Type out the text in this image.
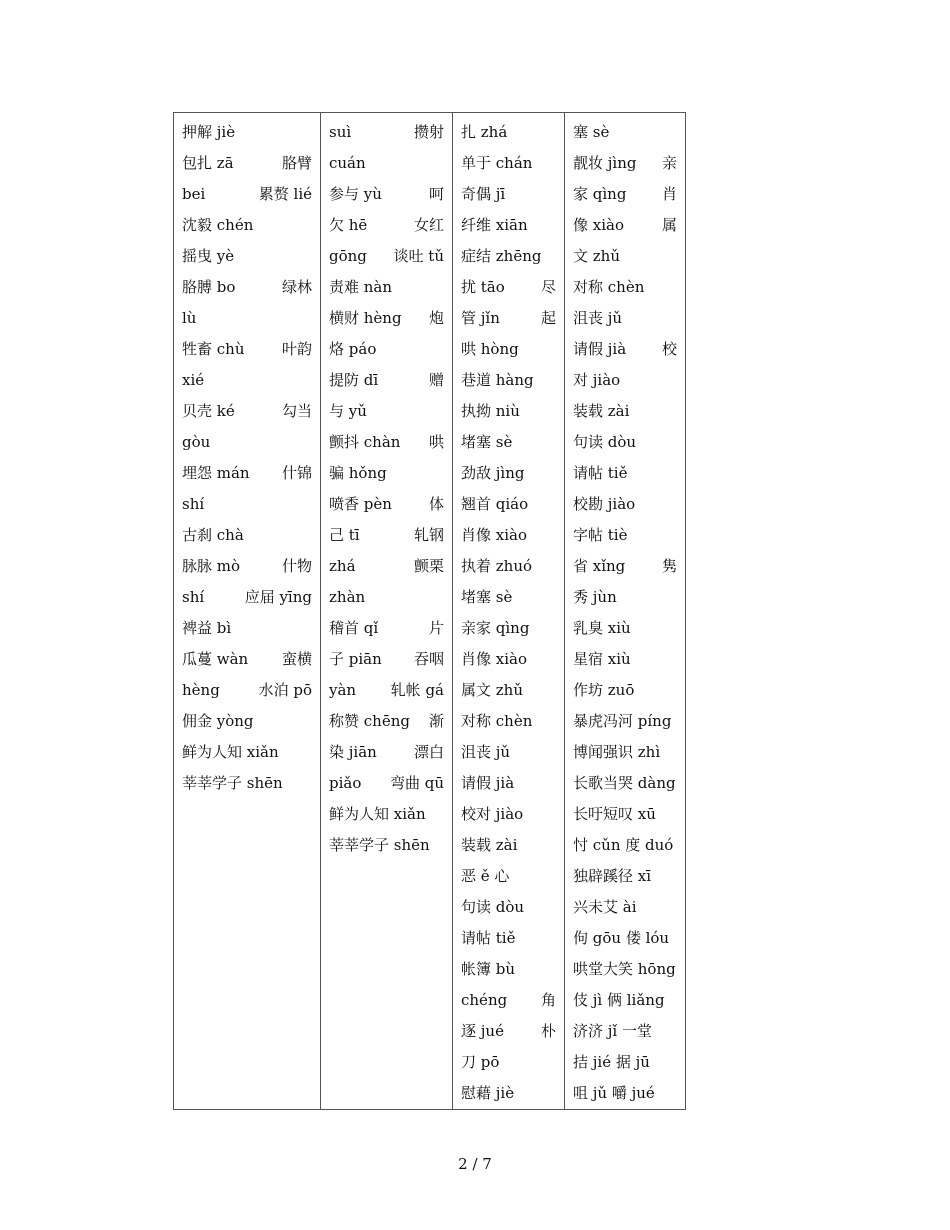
押解 jiè
包扎 zā	胳臂
bei	累赘 lié
沈毅 chén
摇曳 yè
胳膊 bo	绿林
lù
牲畜 chù 叶韵
xié
贝壳 ké	勾当
gòu
埋怨 mán 什锦
shí
古刹 chà
脉脉 mò	什物
shí	应届 yīng
裨益 bì
瓜蔓 wàn 蛮横
hèng	水泊 pō
佣金 yòng
鲜为人知 xiǎn
莘莘学子 shēn

suì	攒射
cuán
参与 yù	呵
欠 hē	女红
gōng 谈吐 tǔ
责难 nàn
横财 hèng 炮
烙 páo
提防 dī	赠
与 yǔ
颤抖 chàn 哄
骗 hǒng
喷香 pèn 体
己 tī	轧钢
zhá	颤栗
zhàn
稽首 qǐ	片
子 piān 吞咽
yàn 轧帐 gá
称赞 chēng 渐
染 jiān 漂白
piǎo 弯曲 qū
鲜为人知 xiǎn
莘莘学子 shēn

扎 zhá
单于 chán
奇偶 jī
纤维 xiān
症结 zhēng
扰 tāo 尽
管 jǐn	起
哄 hòng
巷道 hàng
执拗 niù
堵塞 sè
劲敌 jìng
翘首 qiáo
肖像 xiào
执着 zhuó
堵塞 sè
亲家 qìng
肖像 xiào
属文 zhǔ
对称 chèn
沮丧 jǔ
请假 jià
校对 jiào
装载 zài
恶 ě 心
句读 dòu
请帖 tiě
帐簿 bù
chéng 角
逐 jué 朴
刀 pō
慰藉 jiè

塞 sè
靓妆 jìng 亲
家 qìng 肖
像 xiào	属
文 zhǔ
对称 chèn
沮丧 jǔ
请假 jià 校
对 jiào
装载 zài
句读 dòu
请帖 tiě
校勘 jiào
字帖 tiè
省 xǐng 隽
秀 jùn
乳臭 xiù
星宿 xiù
作坊 zuō
暴虎冯河 píng
博闻强识 zhì
长歌当哭 dàng
长吁短叹 xū
忖 cǔn 度 duó
独辟蹊径 xī
兴未艾 ài
佝 gōu 偻 lóu
哄堂大笑 hōng
伎 jì 俩 liǎng
济济 jǐ 一堂
拮 jié 据 jū
咀 jǔ 嚼 jué
2 / 7
